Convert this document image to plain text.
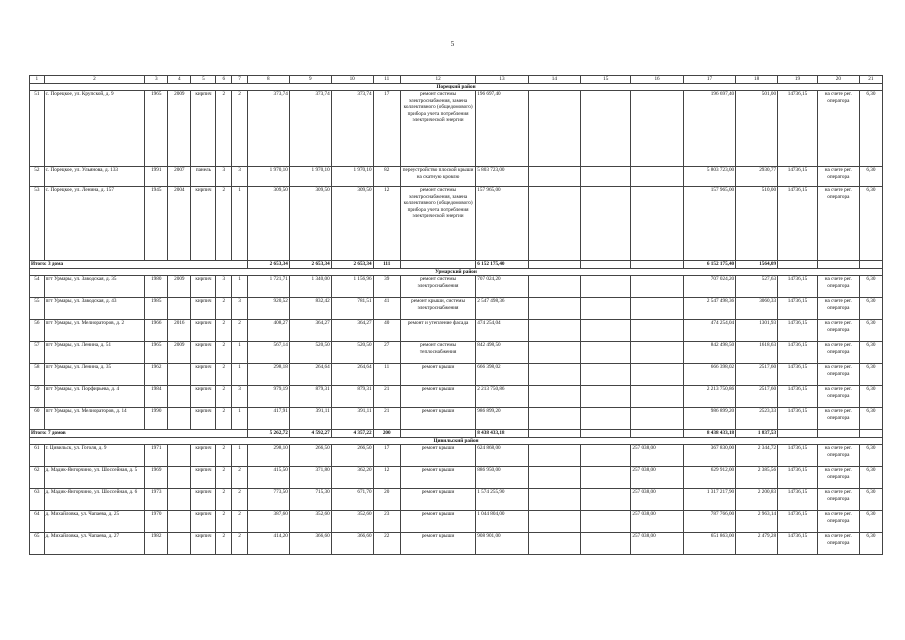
5
1	2	3	4	5	6	7	8	9	10	11	12	13	14	15	16	17	18	19	20	21
Порецкий район																				
51	с. Порецкое, ул. Крупской, д. 9	1965	2009	кирпич	2	2	373,74	373,74	373,74	17	ремонт системы электроснабжения, замена коллективного (общедомового) прибора учета потребления электрической энергии	196 697,40				196 697,40	501,00	14736,15	на счете рег. оператора	6,30
52	с. Порецкое, ул. Ульянова, д. 133	1991	2007	панель	3	3	1 970,10	1 970,10	1 970,10	82	переустройство плоской крыши на скатную кровлю	5 803 723,00				5 803 723,00	2930,77	14736,15	на счете рег. оператора	6,30
53	с. Порецкое, ул. Ленина, д. 157	1945	2004	кирпич	2	1	309,50	309,50	309,50	12	ремонт системы электроснабжения, замена коллективного (общедомового) прибора учета потребления электрической энергии	157 965,00				157 965,00	510,00	14736,15	на счете рег. оператора	6,30
Итого: 3 дома							2 653,34	2 653,34	2 653,34	111		6 152 175,40				6 152 175,40	1564,09			
Урмарский район																				
54	пгт Урмары, ул. Заводская, д. 35	1980	2009	кирпич	3	1	1 721,71	1 340,00	1 156,96	39	ремонт системы электроснабжения	707 024,20				707 024,20	527,63	14736,15	на счете рег. оператора	6,30
55	пгт Урмары, ул. Заводская, д. 43	1985		кирпич	2	3	920,52	832,42	781,51	41	ремонт крыши, системы электроснабжения	2 547 498,36				2 547 498,36	3060,33	14736,15	на счете рег. оператора	6,30
56	пгт Урмары, ул. Мелиораторов, д. 2	1966	2016	кирпич	2	2	408,27	364,27	364,27	40	ремонт и утепление фасада	474 254,04				474 254,04	1301,93	14736,15	на счете рег. оператора	6,30
57	пгт Урмары, ул. Ленина, д. 51	1965	2009	кирпич	2	1	567,14	520,50	520,50	27	ремонт системы теплоснабжения	842 498,50				842 498,50	1618,63	14736,15	на счете рег. оператора	6,30
58	пгт Урмары, ул. Ленина, д. 35	1962		кирпич	2	1	298,18	264,64	264,64	11	ремонт крыши	666 398,02				666 398,02	2517,60	14736,15	на счете рег. оператора	6,30
59	пгт Урмары, ул. Порфирьева, д. 4	1984		кирпич	2	3	979,19	879,31	879,31	21	ремонт крыши	2 213 750,86				2 213 750,86	2517,60	14736,15	на счете рег. оператора	6,30
60	пгт Урмары, ул. Мелиораторов, д. 14	1990		кирпич	2	1	417,91	391,11	391,11	21	ремонт крыши	986 899,20				986 899,20	2523,33	14736,15	на счете рег. оператора	6,30
Итого: 7 домов							5 262,72	4 592,27	4 357,22	200		8 438 433,18				8 438 433,18	1 837,53			
Цивильский район																				
61	г. Цивильск, ул. Гоголя, д. 9	1971		кирпич	2	1	298,10	266,50	266,50	17	ремонт крыши	624 868,00			257 038,00	367 830,00	2 344,72	14736,15	на счете рег. оператора	6,30
62	д. Мадик-Янгорчино, ул. Шоссейная, д. 5	1969		кирпич	2	2	415,50	371,80	362,20	12	ремонт крыши	886 950,00			257 038,00	629 912,00	2 385,56	14736,15	на счете рег. оператора	6,30
63	д. Мадик-Янгорчино, ул. Шоссейная, д. 6	1973		кирпич	2	2	773,50	715,30	671,70	20	ремонт крыши	1 574 255,90			257 038,00	1 317 217,90	2 200,83	14736,15	на счете рег. оператора	6,30
64	д. Михайловка, ул. Чапаева, д. 25	1970		кирпич	2	2	387,60	352,60	352,60	23	ремонт крыши	1 044 804,00			257 038,00	787 766,00	2 963,14	14736,15	на счете рег. оператора	6,30
65	д. Михайловка, ул. Чапаева, д. 27	1982		кирпич	2	2	414,20	366,60	366,60	22	ремонт крыши	908 901,00			257 038,00	651 863,00	2 479,28	14736,15	на счете рег. оператора	6,30
